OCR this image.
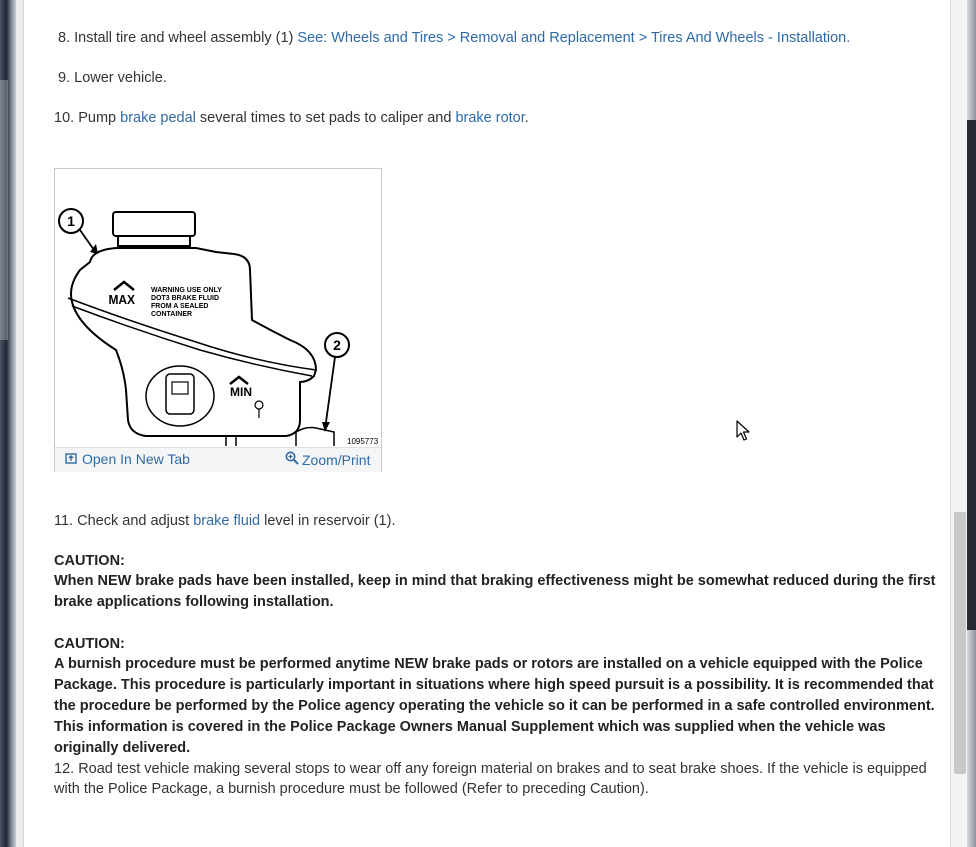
8. Install tire and wheel assembly (1) See: Wheels and Tires > Removal and Replacement > Tires And Wheels - Installation.
9. Lower vehicle.
10. Pump brake pedal several times to set pads to caliper and brake rotor.
11. Check and adjust brake fluid level in reservoir (1).
CAUTION:
When NEW brake pads have been installed, keep in mind that braking effectiveness might be somewhat reduced during the first brake applications following installation.
CAUTION:
A burnish procedure must be performed anytime NEW brake pads or rotors are installed on a vehicle equipped with the Police Package. This procedure is particularly important in situations where high speed pursuit is a possibility. It is recommended that the procedure be performed by the Police agency operating the vehicle so it can be performed in a safe controlled environment. This information is covered in the Police Package Owners Manual Supplement which was supplied when the vehicle was originally delivered.
12. Road test vehicle making several stops to wear off any foreign material on brakes and to seat brake shoes. If the vehicle is equipped with the Police Package, a burnish procedure must be followed (Refer to preceding Caution).
1
2
MAX
MIN
WARNING USE ONLY
DOT3 BRAKE FLUID
FROM A SEALED
CONTAINER
1095773
Open In New Tab	Zoom/Print
